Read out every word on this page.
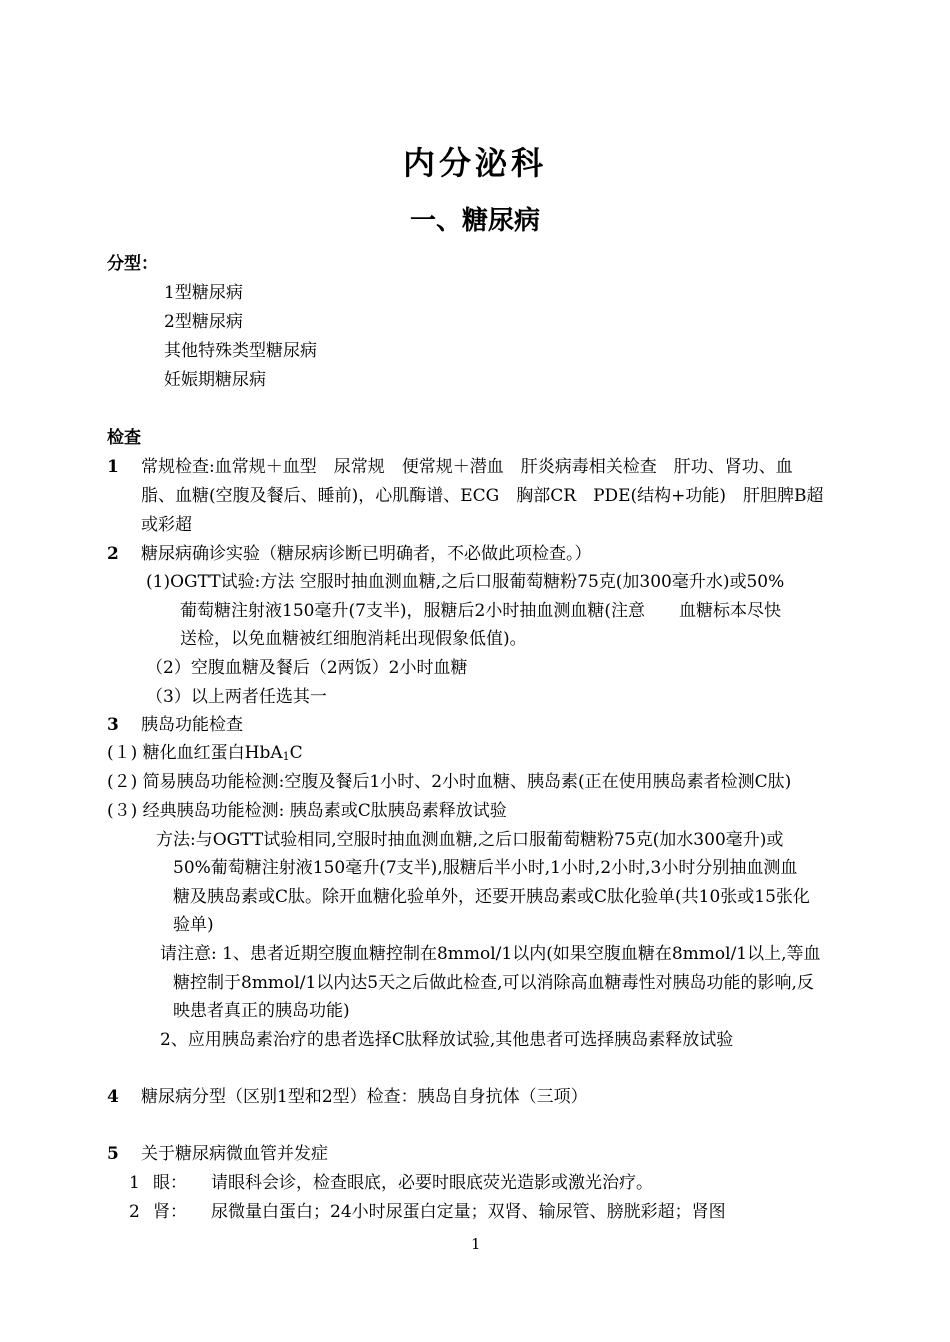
内分泌科
一、糖尿病
分型：
1型糖尿病
2型糖尿病
其他特殊类型糖尿病
妊娠期糖尿病
检查
1 常规检查:血常规＋血型　尿常规　便常规＋潜血　肝炎病毒相关检查　肝功、肾功、血
脂、血糖(空腹及餐后、睡前)，心肌酶谱、ECG　胸部CR　PDE(结构+功能)　肝胆脾B超
或彩超
2 糖尿病确诊实验（糖尿病诊断已明确者，不必做此项检查。）
(1)OGTT试验:方法 空服时抽血测血糖,之后口服葡萄糖粉75克(加300毫升水)或50%
葡萄糖注射液150毫升(7支半)，服糖后2小时抽血测血糖(注意　　血糖标本尽快
送检，以免血糖被红细胞消耗出现假象低值)。
（2）空腹血糖及餐后（2两饭）2小时血糖
（3）以上两者任选其一
3 胰岛功能检查
(１) 糖化血红蛋白HbA1C
(２) 简易胰岛功能检测:空腹及餐后1小时、2小时血糖、胰岛素(正在使用胰岛素者检测C肽)
(３) 经典胰岛功能检测: 胰岛素或C肽胰岛素释放试验
方法:与OGTT试验相同,空服时抽血测血糖,之后口服葡萄糖粉75克(加水300毫升)或
50%葡萄糖注射液150毫升(7支半),服糖后半小时,1小时,2小时,3小时分别抽血测血
糖及胰岛素或C肽。除开血糖化验单外，还要开胰岛素或C肽化验单(共10张或15张化
验单)
请注意: 1、患者近期空腹血糖控制在8mmol/1以内(如果空腹血糖在8mmol/1以上,等血
糖控制于8mmol/1以内达5天之后做此检查,可以消除高血糖毒性对胰岛功能的影响,反
映患者真正的胰岛功能)
2、应用胰岛素治疗的患者选择C肽释放试验,其他患者可选择胰岛素释放试验
4 糖尿病分型（区别1型和2型）检查：胰岛自身抗体（三项）
5 关于糖尿病微血管并发症
1 眼： 请眼科会诊，检查眼底，必要时眼底荧光造影或激光治疗。
2 肾： 尿微量白蛋白；24小时尿蛋白定量；双肾、输尿管、膀胱彩超；肾图
1
